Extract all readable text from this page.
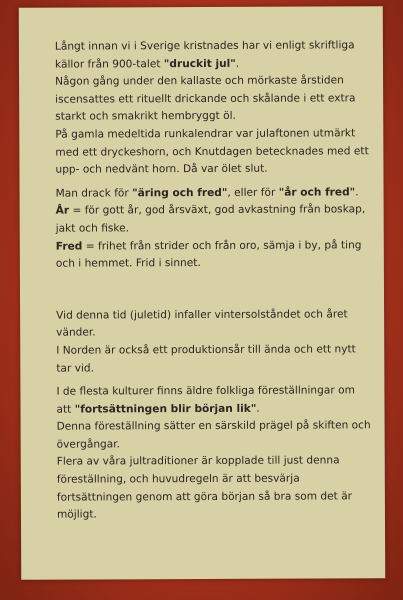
Långt innan vi i Sverige kristnades har vi enligt skriftliga källor från 900-talet "druckit jul".
Någon gång under den kallaste och mörkaste årstiden iscensattes ett rituellt drickande och skålande i ett extra starkt och smakrikt hembryggt öl.
På gamla medeltida runkalendrar var julaftonen utmärkt med ett dryckeshorn, och Knutdagen betecknades med ett upp- och nedvänt horn. Då var ölet slut.

Man drack för "äring och fred", eller för "år och fred".
År = för gott år, god årsväxt, god avkastning från boskap, jakt och fiske.
Fred = frihet från strider och från oro, sämja i by, på ting och i hemmet. Frid i sinnet.

Vid denna tid (juletid) infaller vintersolståndet och året vänder.
I Norden är också ett produktionsår till ända och ett nytt tar vid.

I de flesta kulturer finns äldre folkliga föreställningar om att "fortsättningen blir början lik".
Denna föreställning sätter en särskild prägel på skiften och övergångar.
Flera av våra jultraditioner är kopplade till just denna föreställning, och huvudregeln är att besvärja fortsättningen genom att göra början så bra som det är möjligt.
